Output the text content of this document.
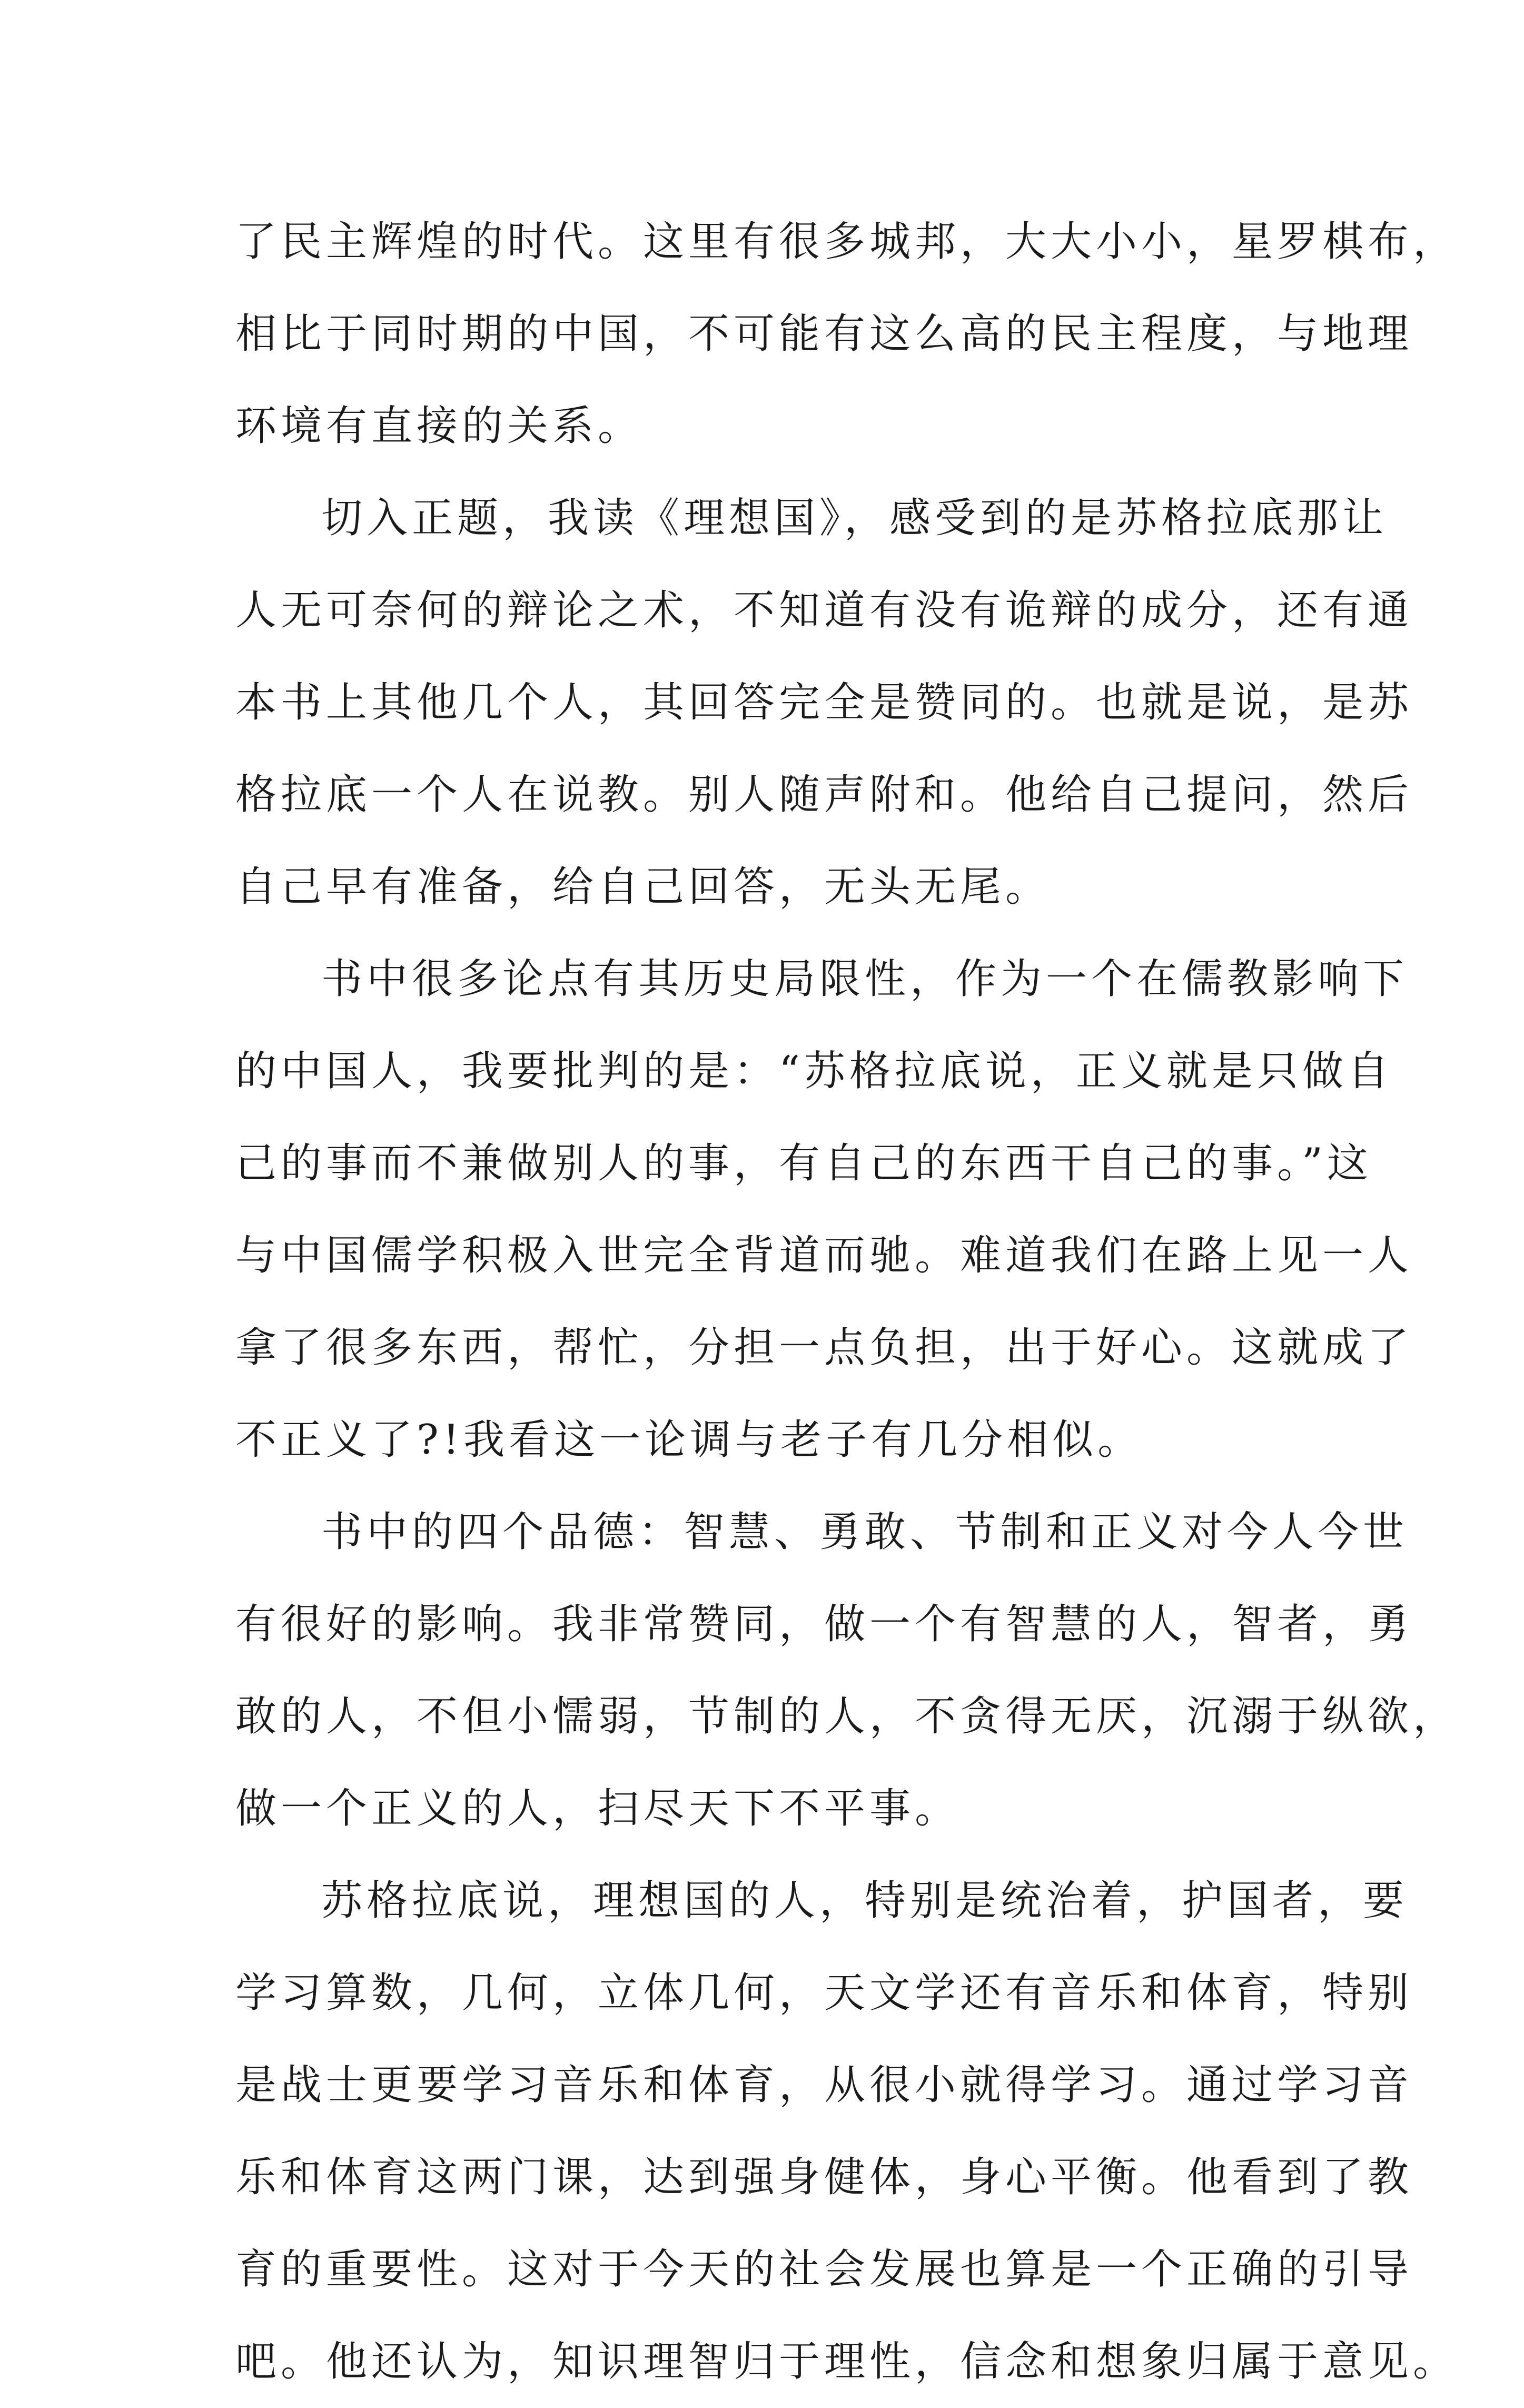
了民主辉煌的时代。这里有很多城邦，大大小小，星罗棋布，
相比于同时期的中国，不可能有这么高的民主程度，与地理
环境有直接的关系。
切入正题，我读《理想国》，感受到的是苏格拉底那让
人无可奈何的辩论之术，不知道有没有诡辩的成分，还有通
本书上其他几个人，其回答完全是赞同的。也就是说，是苏
格拉底一个人在说教。别人随声附和。他给自己提问，然后
自己早有准备，给自己回答，无头无尾。
书中很多论点有其历史局限性，作为一个在儒教影响下
的中国人，我要批判的是：“苏格拉底说，正义就是只做自
己的事而不兼做别人的事，有自己的东西干自己的事。”这
与中国儒学积极入世完全背道而驰。难道我们在路上见一人
拿了很多东西，帮忙，分担一点负担，出于好心。这就成了
不正义了?!我看这一论调与老子有几分相似。
书中的四个品德：智慧、勇敢、节制和正义对今人今世
有很好的影响。我非常赞同，做一个有智慧的人，智者，勇
敢的人，不但小懦弱，节制的人，不贪得无厌，沉溺于纵欲，
做一个正义的人，扫尽天下不平事。
苏格拉底说，理想国的人，特别是统治着，护国者，要
学习算数，几何，立体几何，天文学还有音乐和体育，特别
是战士更要学习音乐和体育，从很小就得学习。通过学习音
乐和体育这两门课，达到强身健体，身心平衡。他看到了教
育的重要性。这对于今天的社会发展也算是一个正确的引导
吧。他还认为，知识理智归于理性，信念和想象归属于意见。
